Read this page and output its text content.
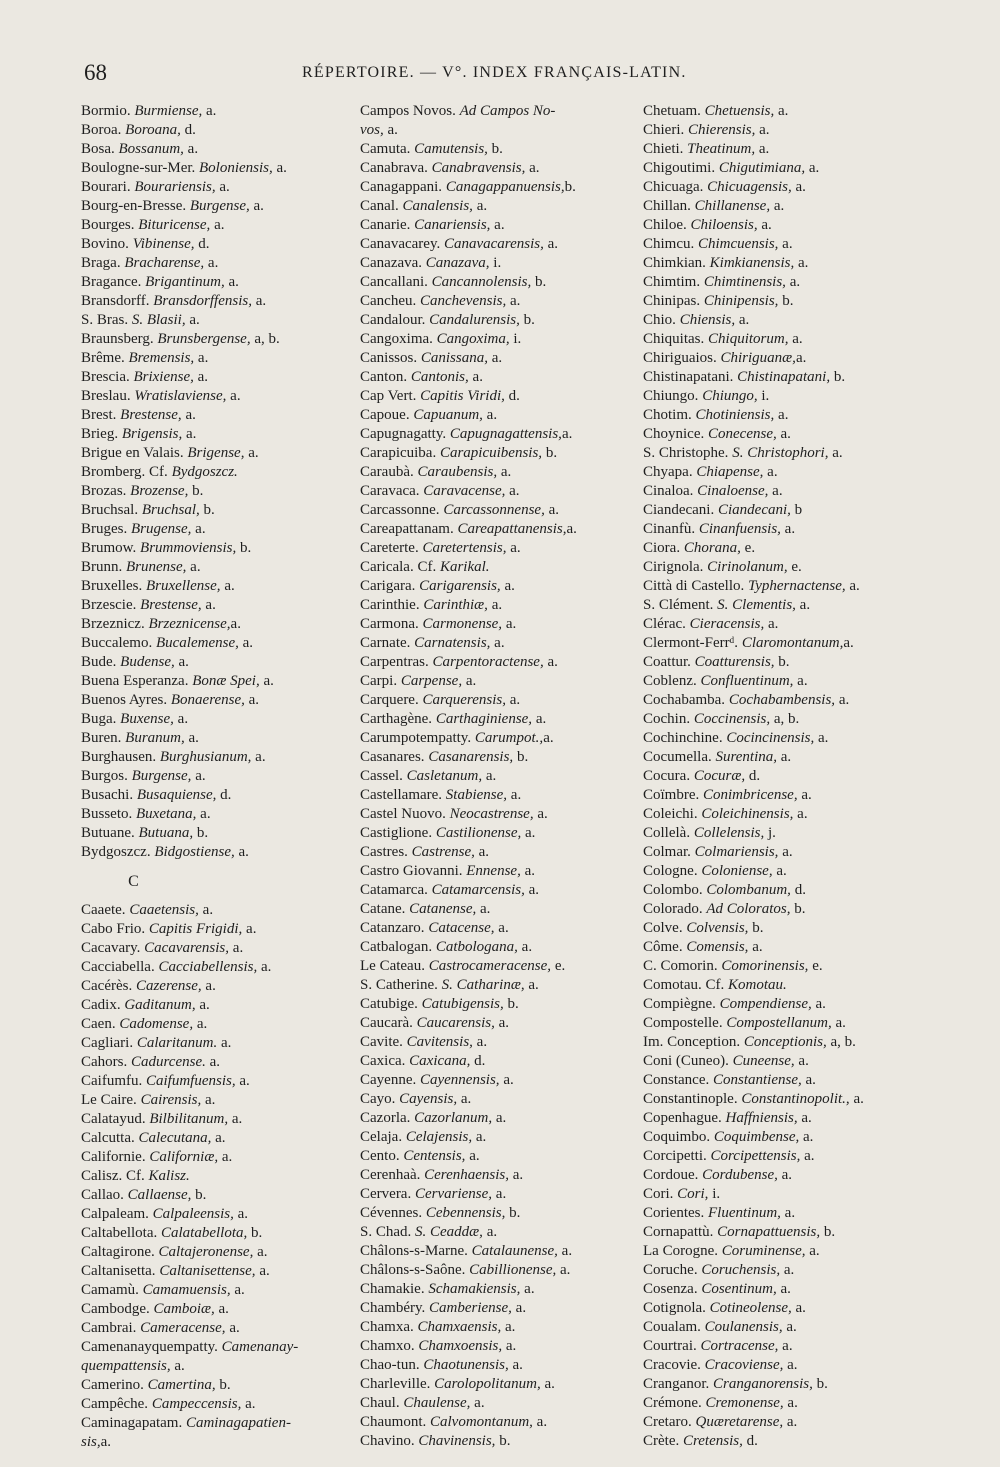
68	RÉPERTOIRE. — V°. INDEX FRANÇAIS-LATIN.
Bormio. Burmiense, a.
Boroa. Boroana, d.
Bosa. Bossanum, a.
Boulogne-sur-Mer. Boloniensis, a.
Bourari. Bourariensis, a.
Bourg-en-Bresse. Burgense, a.
Bourges. Bituricense, a.
Bovino. Vibinense, d.
Braga. Bracharense, a.
Bragance. Brigantinum, a.
Bransdorff. Bransdorffensis, a.
S. Bras. S. Blasii, a.
Braunsberg. Brunsbergense, a, b.
Brême. Bremensis, a.
Brescia. Brixiense, a.
Breslau. Wratislaviense, a.
Brest. Brestense, a.
Brieg. Brigensis, a.
Brigue en Valais. Brigense, a.
Bromberg. Cf. Bydgoszcz.
Brozas. Brozense, b.
Bruchsal. Bruchsal, b.
Bruges. Brugense, a.
Brumow. Brummoviensis, b.
Brunn. Brunense, a.
Bruxelles. Bruxellense, a.
Brzescie. Brestense, a.
Brzeznicz. Brzeznicense,a.
Buccalemo. Bucalemense, a.
Bude. Budense, a.
Buena Esperanza. Bonæ Spei, a.
Buenos Ayres. Bonaerense, a.
Buga. Buxense, a.
Buren. Buranum, a.
Burghausen. Burghusianum, a.
Burgos. Burgense, a.
Busachi. Busaquiense, d.
Busseto. Buxetana, a.
Butuane. Butuana, b.
Bydgoszcz. Bidgostiense, a.
C
Caaete. Caaetensis, a.
Cabo Frio. Capitis Frigidi, a.
Cacavary. Cacavarensis, a.
Cacciabella. Cacciabellensis, a.
Cacérès. Cazerense, a.
Cadix. Gaditanum, a.
Caen. Cadomense, a.
Cagliari. Calaritanum. a.
Cahors. Cadurcense. a.
Caifumfu. Caifumfuensis, a.
Le Caire. Cairensis, a.
Calatayud. Bilbilitanum, a.
Calcutta. Calecutana, a.
Californie. Californiæ, a.
Calisz. Cf. Kalisz.
Callao. Callaense, b.
Calpaleam. Calpaleensis, a.
Caltabellota. Calatabellota, b.
Caltagirone. Caltajeronense, a.
Caltanisetta. Caltanisettense, a.
Camamù. Camamuensis, a.
Cambodge. Camboiæ, a.
Cambrai. Cameracense, a.
Camenanayquempatty. Camenanay-
quempattensis, a.
Camerino. Camertina, b.
Campêche. Campeccensis, a.
Caminagapatam. Caminagapatien-
sis,a.
Campos Novos. Ad Campos No-
vos, a.
Camuta. Camutensis, b.
Canabrava. Canabravensis, a.
Canagappani. Canagappanuensis,b.
Canal. Canalensis, a.
Canarie. Canariensis, a.
Canavacarey. Canavacarensis, a.
Canazava. Canazava, i.
Cancallani. Cancannolensis, b.
Cancheu. Canchevensis, a.
Candalour. Candalurensis, b.
Cangoxima. Cangoxima, i.
Canissos. Canissana, a.
Canton. Cantonis, a.
Cap Vert. Capitis Viridi, d.
Capoue. Capuanum, a.
Capugnagatty. Capugnagattensis,a.
Carapicuiba. Carapicuibensis, b.
Caraubà. Caraubensis, a.
Caravaca. Caravacense, a.
Carcassonne. Carcassonnense, a.
Careapattanam. Careapattanensis,a.
Careterte. Caretertensis, a.
Caricala. Cf. Karikal.
Carigara. Carigarensis, a.
Carinthie. Carinthiæ, a.
Carmona. Carmonense, a.
Carnate. Carnatensis, a.
Carpentras. Carpentoractense, a.
Carpi. Carpense, a.
Carquere. Carquerensis, a.
Carthagène. Carthaginiense, a.
Carumpotempatty. Carumpot.,a.
Casanares. Casanarensis, b.
Cassel. Casletanum, a.
Castellamare. Stabiense, a.
Castel Nuovo. Neocastrense, a.
Castiglione. Castilionense, a.
Castres. Castrense, a.
Castro Giovanni. Ennense, a.
Catamarca. Catamarcensis, a.
Catane. Catanense, a.
Catanzaro. Catacense, a.
Catbalogan. Catbologana, a.
Le Cateau. Castrocameracense, e.
S. Catherine. S. Catharinæ, a.
Catubige. Catubigensis, b.
Caucarà. Caucarensis, a.
Cavite. Cavitensis, a.
Caxica. Caxicana, d.
Cayenne. Cayennensis, a.
Cayo. Cayensis, a.
Cazorla. Cazorlanum, a.
Celaja. Celajensis, a.
Cento. Centensis, a.
Cerenhaà. Cerenhaensis, a.
Cervera. Cervariense, a.
Cévennes. Cebennensis, b.
S. Chad. S. Ceaddæ, a.
Châlons-s-Marne. Catalaunense, a.
Châlons-s-Saône. Cabillionense, a.
Chamakie. Schamakiensis, a.
Chambéry. Camberiense, a.
Chamxa. Chamxaensis, a.
Chamxo. Chamxoensis, a.
Chao-tun. Chaotunensis, a.
Charleville. Carolopolitanum, a.
Chaul. Chaulense, a.
Chaumont. Calvomontanum, a.
Chavino. Chavinensis, b.
Chetuam. Chetuensis, a.
Chieri. Chierensis, a.
Chieti. Theatinum, a.
Chigoutimi. Chigutimiana, a.
Chicuaga. Chicuagensis, a.
Chillan. Chillanense, a.
Chiloe. Chiloensis, a.
Chimcu. Chimcuensis, a.
Chimkian. Kimkianensis, a.
Chimtim. Chimtinensis, a.
Chinipas. Chinipensis, b.
Chio. Chiensis, a.
Chiquitas. Chiquitorum, a.
Chiriguaios. Chiriguanæ,a.
Chistinapatani. Chistinapatani, b.
Chiungo. Chiungo, i.
Chotim. Chotiniensis, a.
Choynice. Conecense, a.
S. Christophe. S. Christophori, a.
Chyapa. Chiapense, a.
Cinaloa. Cinaloense, a.
Ciandecani. Ciandecani, b
Cinanfù. Cinanfuensis, a.
Ciora. Chorana, e.
Cirignola. Cirinolanum, e.
Città di Castello. Typhernactense, a.
S. Clément. S. Clementis, a.
Clérac. Cieracensis, a.
Clermont-Ferrᵈ. Claromontanum,a.
Coattur. Coatturensis, b.
Coblenz. Confluentinum, a.
Cochabamba. Cochabambensis, a.
Cochin. Coccinensis, a, b.
Cochinchine. Cocincinensis, a.
Cocumella. Surentina, a.
Cocura. Cocuræ, d.
Coïmbre. Conimbricense, a.
Coleichi. Coleichinensis, a.
Collelà. Collelensis, j.
Colmar. Colmariensis, a.
Cologne. Coloniense, a.
Colombo. Colombanum, d.
Colorado. Ad Coloratos, b.
Colve. Colvensis, b.
Côme. Comensis, a.
C. Comorin. Comorinensis, e.
Comotau. Cf. Komotau.
Compiègne. Compendiense, a.
Compostelle. Compostellanum, a.
Im. Conception. Conceptionis, a, b.
Coni (Cuneo). Cuneense, a.
Constance. Constantiense, a.
Constantinople. Constantinopolit., a.
Copenhague. Haffniensis, a.
Coquimbo. Coquimbense, a.
Corcipetti. Corcipettensis, a.
Cordoue. Cordubense, a.
Cori. Cori, i.
Corientes. Fluentinum, a.
Cornapattù. Cornapattuensis, b.
La Corogne. Coruminense, a.
Coruche. Coruchensis, a.
Cosenza. Cosentinum, a.
Cotignola. Cotineolense, a.
Coualam. Coulanensis, a.
Courtrai. Cortracense, a.
Cracovie. Cracoviense, a.
Cranganor. Cranganorensis, b.
Crémone. Cremonense, a.
Cretaro. Quæretarense, a.
Crète. Cretensis, d.
